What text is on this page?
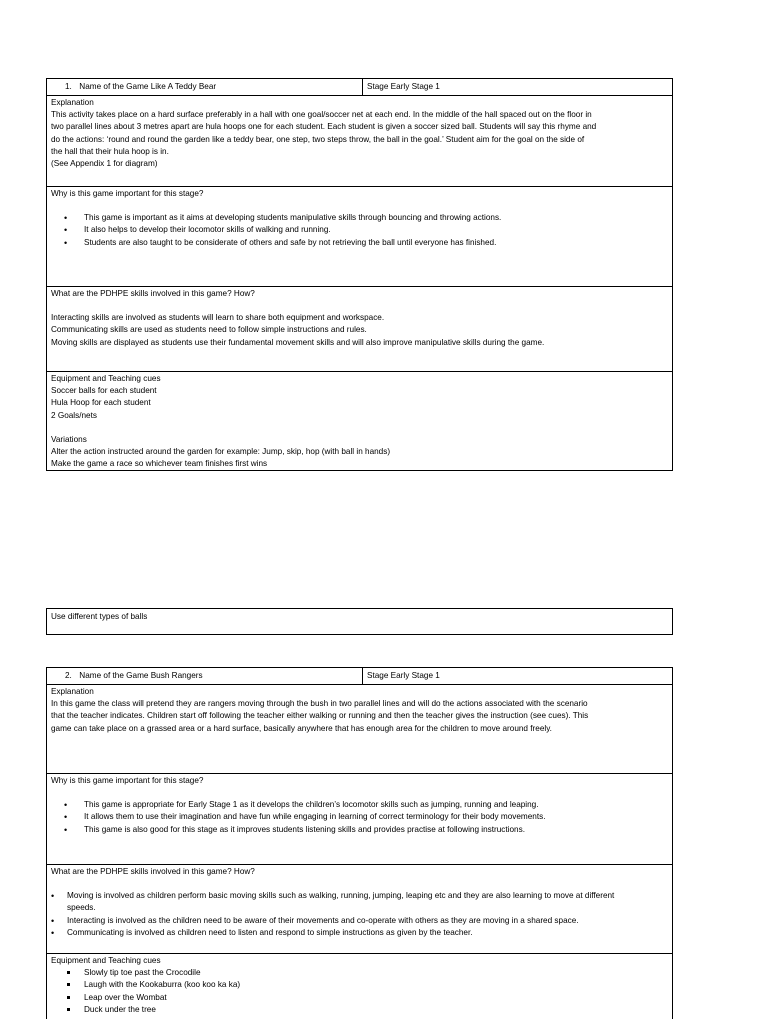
1. Name of the Game Like A Teddy Bear	Stage Early Stage 1
Explanation
This activity takes place on a hard surface preferably in a hall with one goal/soccer net at each end. In the middle of the hall spaced out on the floor in
two parallel lines about 3 metres apart are hula hoops one for each student. Each student is given a soccer sized ball. Students will say this rhyme and
do the actions: ‘round and round the garden like a teddy bear, one step, two steps throw, the ball in the goal.’ Student aim for the goal on the side of
the hall that their hula hoop is in.
(See Appendix 1 for diagram)
Why is this game important for this stage?
• This game is important as it aims at developing students manipulative skills through bouncing and throwing actions.
• It also helps to develop their locomotor skills of walking and running.
• Students are also taught to be considerate of others and safe by not retrieving the ball until everyone has finished.
What are the PDHPE skills involved in this game? How?
Interacting skills are involved as students will learn to share both equipment and workspace.
Communicating skills are used as students need to follow simple instructions and rules.
Moving skills are displayed as students use their fundamental movement skills and will also improve manipulative skills during the game.
Equipment and Teaching cues
Soccer balls for each student
Hula Hoop for each student
2 Goals/nets
Variations
Alter the action instructed around the garden for example: Jump, skip, hop (with ball in hands)
Make the game a race so whichever team finishes first wins
Use different types of balls
2. Name of the Game Bush Rangers	Stage Early Stage 1
Explanation
In this game the class will pretend they are rangers moving through the bush in two parallel lines and will do the actions associated with the scenario
that the teacher indicates. Children start off following the teacher either walking or running and then the teacher gives the instruction (see cues). This
game can take place on a grassed area or a hard surface, basically anywhere that has enough area for the children to move around freely.
Why is this game important for this stage?
• This game is appropriate for Early Stage 1 as it develops the children’s locomotor skills such as jumping, running and leaping.
• It allows them to use their imagination and have fun while engaging in learning of correct terminology for their body movements.
• This game is also good for this stage as it improves students listening skills and provides practise at following instructions.
What are the PDHPE skills involved in this game? How?
• Moving is involved as children perform basic moving skills such as walking, running, jumping, leaping etc and they are also learning to move at different speeds.
• Interacting is involved as the children need to be aware of their movements and co-operate with others as they are moving in a shared space.
• Communicating is involved as children need to listen and respond to simple instructions as given by the teacher.
Equipment and Teaching cues
Slowly tip toe past the Crocodile
Laugh with the Kookaburra (koo koo ka ka)
Leap over the Wombat
Duck under the tree
